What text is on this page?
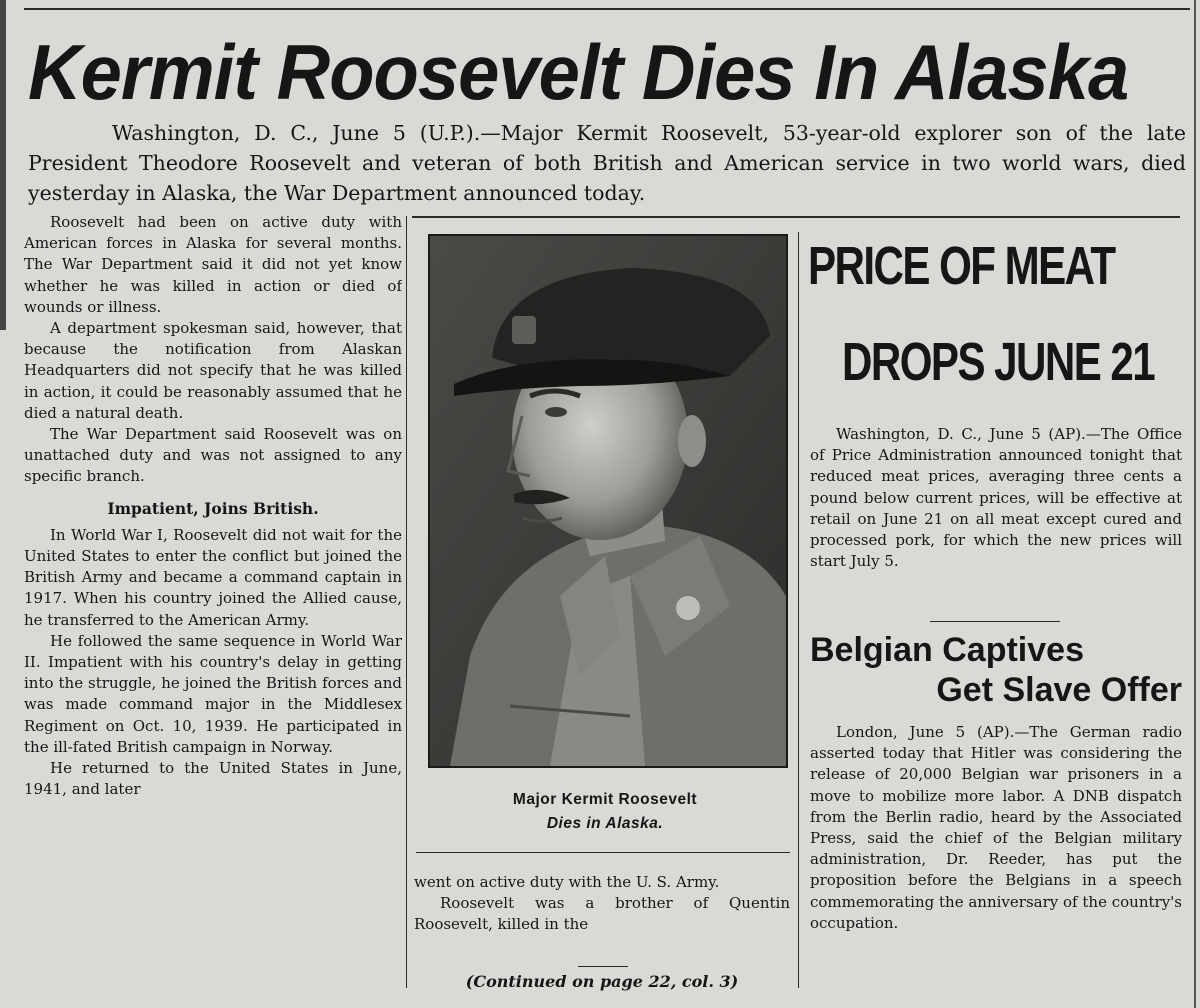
Kermit Roosevelt Dies In Alaska
Washington, D. C., June 5 (U.P.).—Major Kermit Roosevelt, 53-year-old explorer son of the late President Theodore Roosevelt and veteran of both British and American service in two world wars, died yesterday in Alaska, the War Department announced today.

Roosevelt had been on active duty with American forces in Alaska for several months. The War Department said it did not yet know whether he was killed in action or died of wounds or illness.

A department spokesman said, however, that because the notification from Alaskan Headquarters did not specify that he was killed in action, it could be reasonably assumed that he died a natural death.

The War Department said Roosevelt was on unattached duty and was not assigned to any specific branch.

Impatient, Joins British.

In World War I, Roosevelt did not wait for the United States to enter the conflict but joined the British Army and became a command captain in 1917. When his country joined the Allied cause, he transferred to the American Army.

He followed the same sequence in World War II. Impatient with his country's delay in getting into the struggle, he joined the British forces and was made command major in the Middlesex Regiment on Oct. 10, 1939. He participated in the ill-fated British campaign in Norway.

He returned to the United States in June, 1941, and later

Major Kermit Roosevelt
Dies in Alaska.

went on active duty with the U. S. Army.

Roosevelt was a brother of Quentin Roosevelt, killed in the

(Continued on page 22, col. 3)
PRICE OF MEAT
DROPS JUNE 21

Washington, D. C., June 5 (AP).—The Office of Price Administration announced tonight that reduced meat prices, averaging three cents a pound below current prices, will be effective at retail on June 21 on all meat except cured and processed pork, for which the new prices will start July 5.

Belgian Captives
Get Slave Offer

London, June 5 (AP).—The German radio asserted today that Hitler was considering the release of 20,000 Belgian war prisoners in a move to mobilize more labor. A DNB dispatch from the Berlin radio, heard by the Associated Press, said the chief of the Belgian military administration, Dr. Reeder, has put the proposition before the Belgians in a speech commemorating the anniversary of the country's occupation.
